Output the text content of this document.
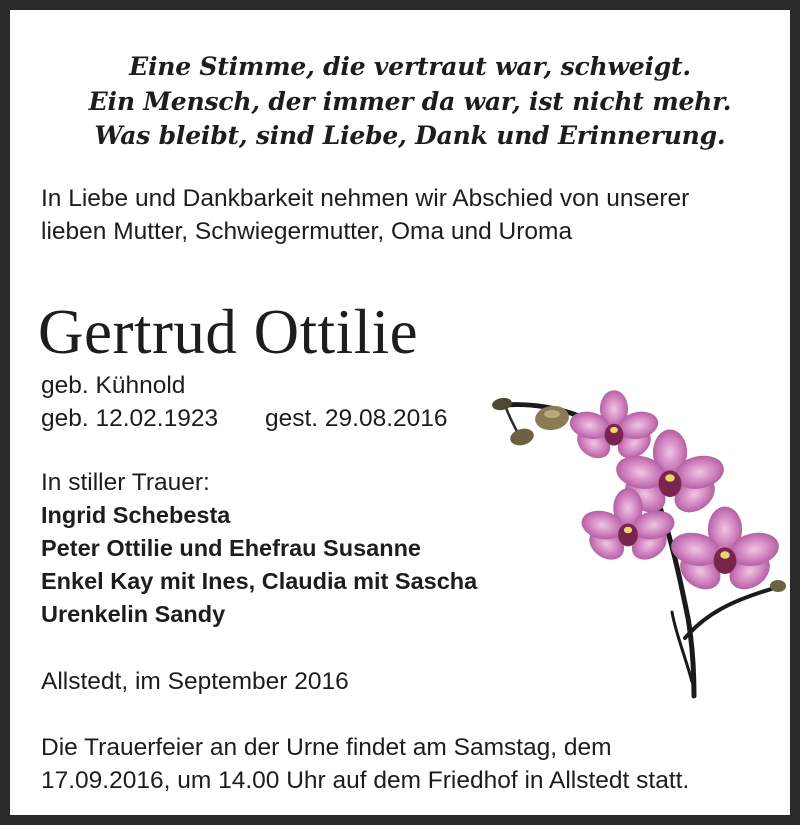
Eine Stimme, die vertraut war, schweigt.

Ein Mensch, der immer da war, ist nicht mehr.

Was bleibt, sind Liebe, Dank und Erinnerung.

In Liebe und Dankbarkeit nehmen wir Abschied von unserer

lieben Mutter, Schwiegermutter, Oma und Uroma

Gertrud Ottilie

geb. Kühnold

geb. 12.02.1923 gest. 29.08.2016

In stiller Trauer:

Ingrid Schebesta

Peter Ottilie und Ehefrau Susanne

Enkel Kay mit Ines, Claudia mit Sascha

Urenkelin Sandy

Allstedt, im September 2016

Die Trauerfeier an der Urne findet am Samstag, dem

17.09.2016, um 14.00 Uhr auf dem Friedhof in Allstedt statt.
